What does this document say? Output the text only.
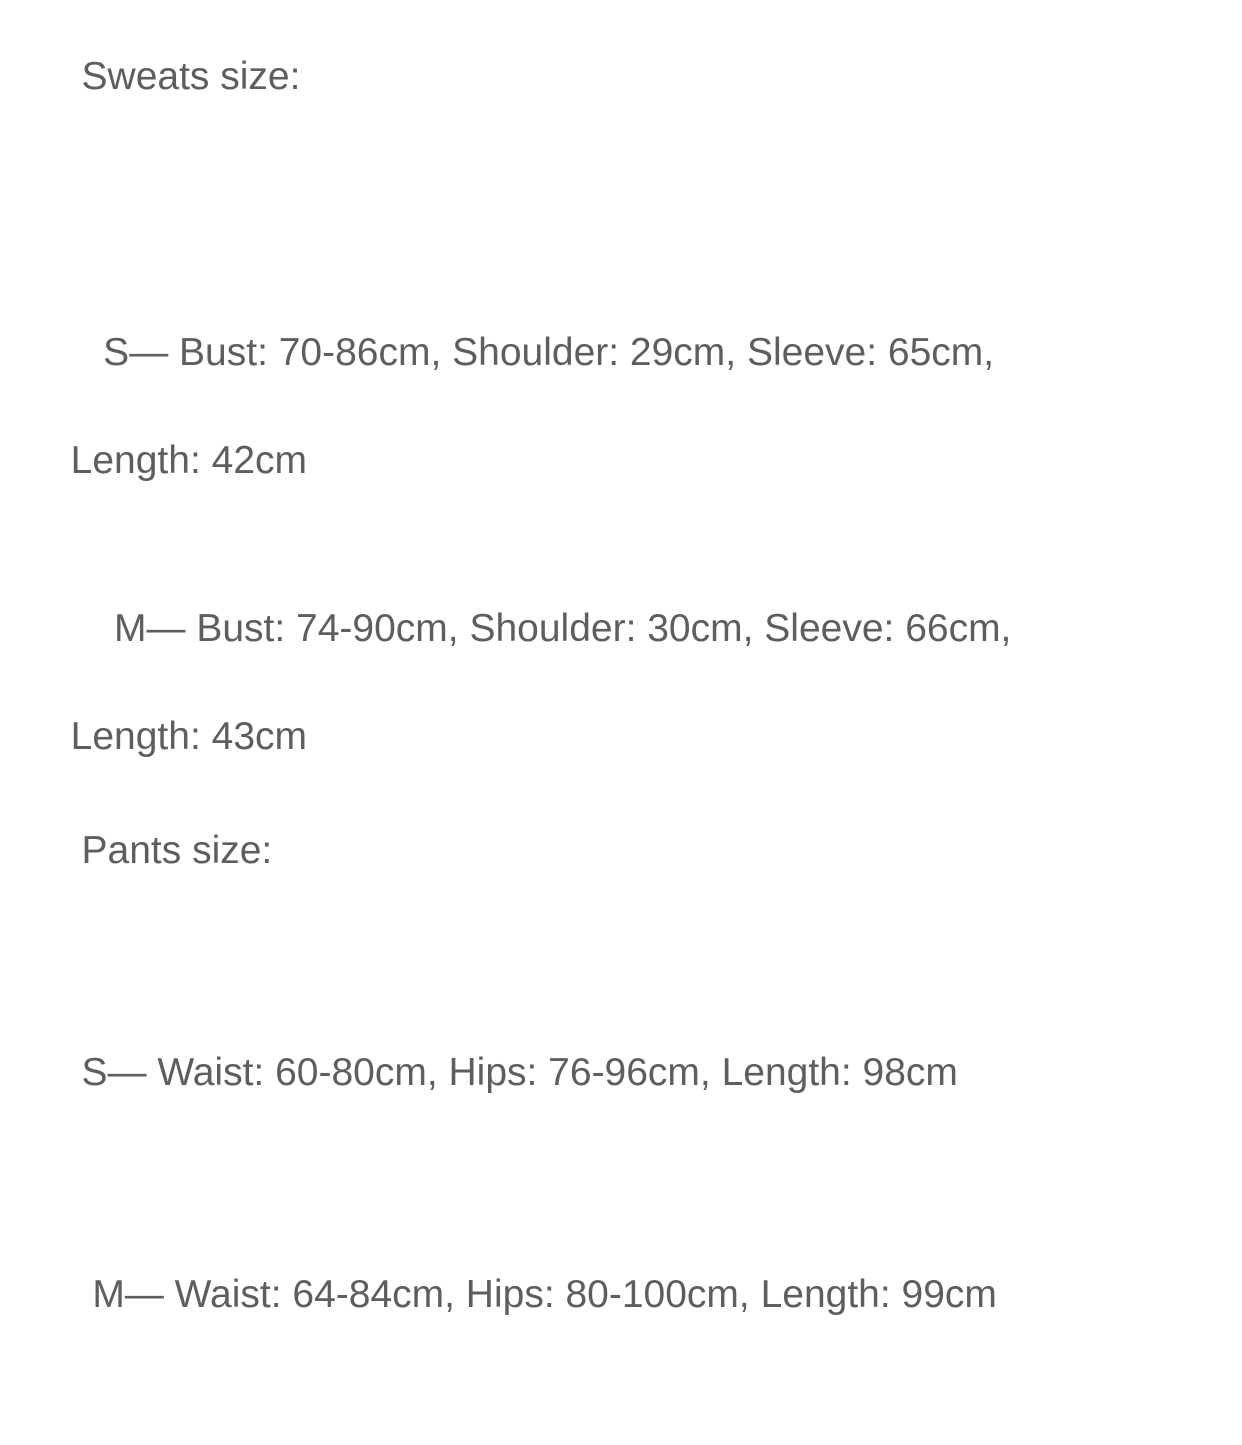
Sweats size:

S— Bust: 70-86cm, Shoulder: 29cm, Sleeve: 65cm,

Length: 42cm

M— Bust: 74-90cm, Shoulder: 30cm, Sleeve: 66cm,

Length: 43cm

Pants size:

S— Waist: 60-80cm, Hips: 76-96cm, Length: 98cm

M— Waist: 64-84cm, Hips: 80-100cm, Length: 99cm
